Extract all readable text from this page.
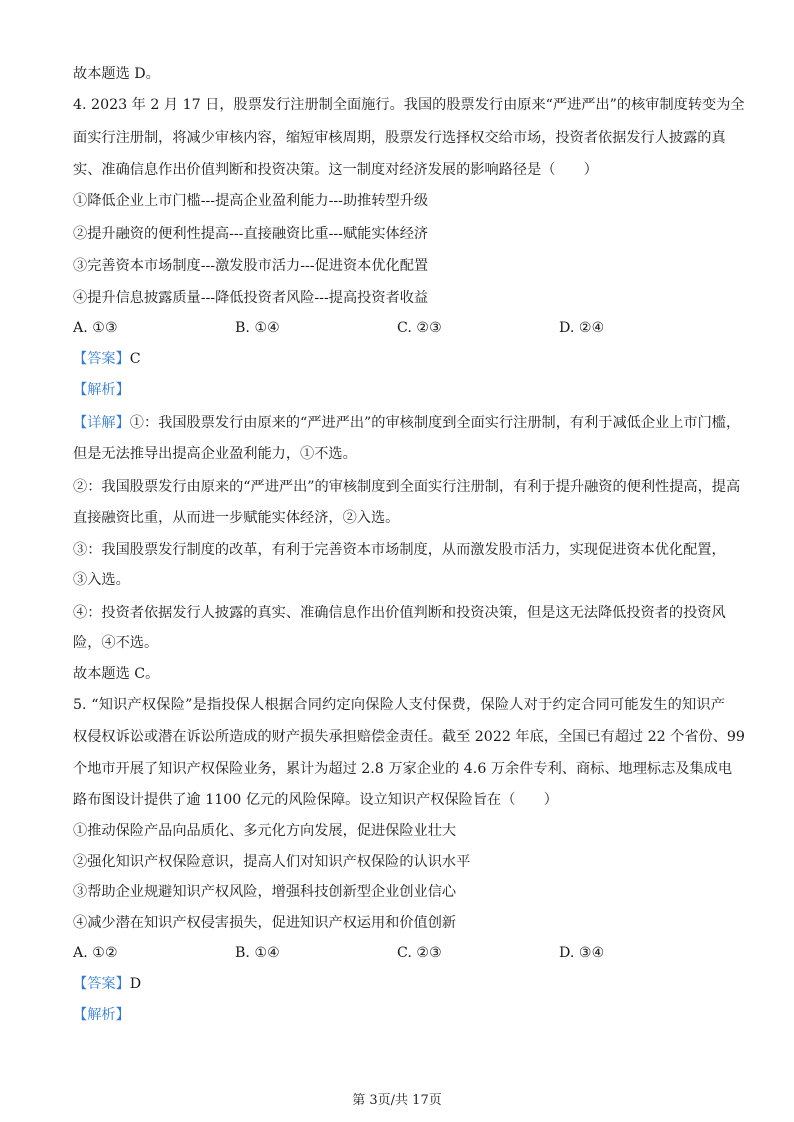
故本题选 D。
4. 2023 年 2 月 17 日，股票发行注册制全面施行。我国的股票发行由原来“严进严出”的核审制度转变为全
面实行注册制，将减少审核内容，缩短审核周期，股票发行选择权交给市场，投资者依据发行人披露的真
实、准确信息作出价值判断和投资决策。这一制度对经济发展的影响路径是（　　）
①降低企业上市门槛---提高企业盈利能力---助推转型升级
②提升融资的便利性提高---直接融资比重---赋能实体经济
③完善资本市场制度---激发股市活力---促进资本优化配置
④提升信息披露质量---降低投资者风险---提高投资者收益
A. ①③	B. ①④	C. ②③	D. ②④
【答案】C
【解析】
【详解】①：我国股票发行由原来的“严进严出”的审核制度到全面实行注册制，有利于减低企业上市门槛，
但是无法推导出提高企业盈利能力，①不选。
②：我国股票发行由原来的“严进严出”的审核制度到全面实行注册制，有利于提升融资的便利性提高，提高
直接融资比重，从而进一步赋能实体经济，②入选。
③：我国股票发行制度的改革，有利于完善资本市场制度，从而激发股市活力，实现促进资本优化配置，
③入选。
④：投资者依据发行人披露的真实、准确信息作出价值判断和投资决策，但是这无法降低投资者的投资风
险，④不选。
故本题选 C。
5. “知识产权保险”是指投保人根据合同约定向保险人支付保费，保险人对于约定合同可能发生的知识产
权侵权诉讼或潜在诉讼所造成的财产损失承担赔偿金责任。截至 2022 年底，全国已有超过 22 个省份、99
个地市开展了知识产权保险业务，累计为超过 2.8 万家企业的 4.6 万余件专利、商标、地理标志及集成电
路布图设计提供了逾 1100 亿元的风险保障。设立知识产权保险旨在（　　）
①推动保险产品向品质化、多元化方向发展，促进保险业壮大
②强化知识产权保险意识，提高人们对知识产权保险的认识水平
③帮助企业规避知识产权风险，增强科技创新型企业创业信心
④减少潜在知识产权侵害损失，促进知识产权运用和价值创新
A. ①②	B. ①④	C. ②③	D. ③④
【答案】D
【解析】
第 3页/共 17页
